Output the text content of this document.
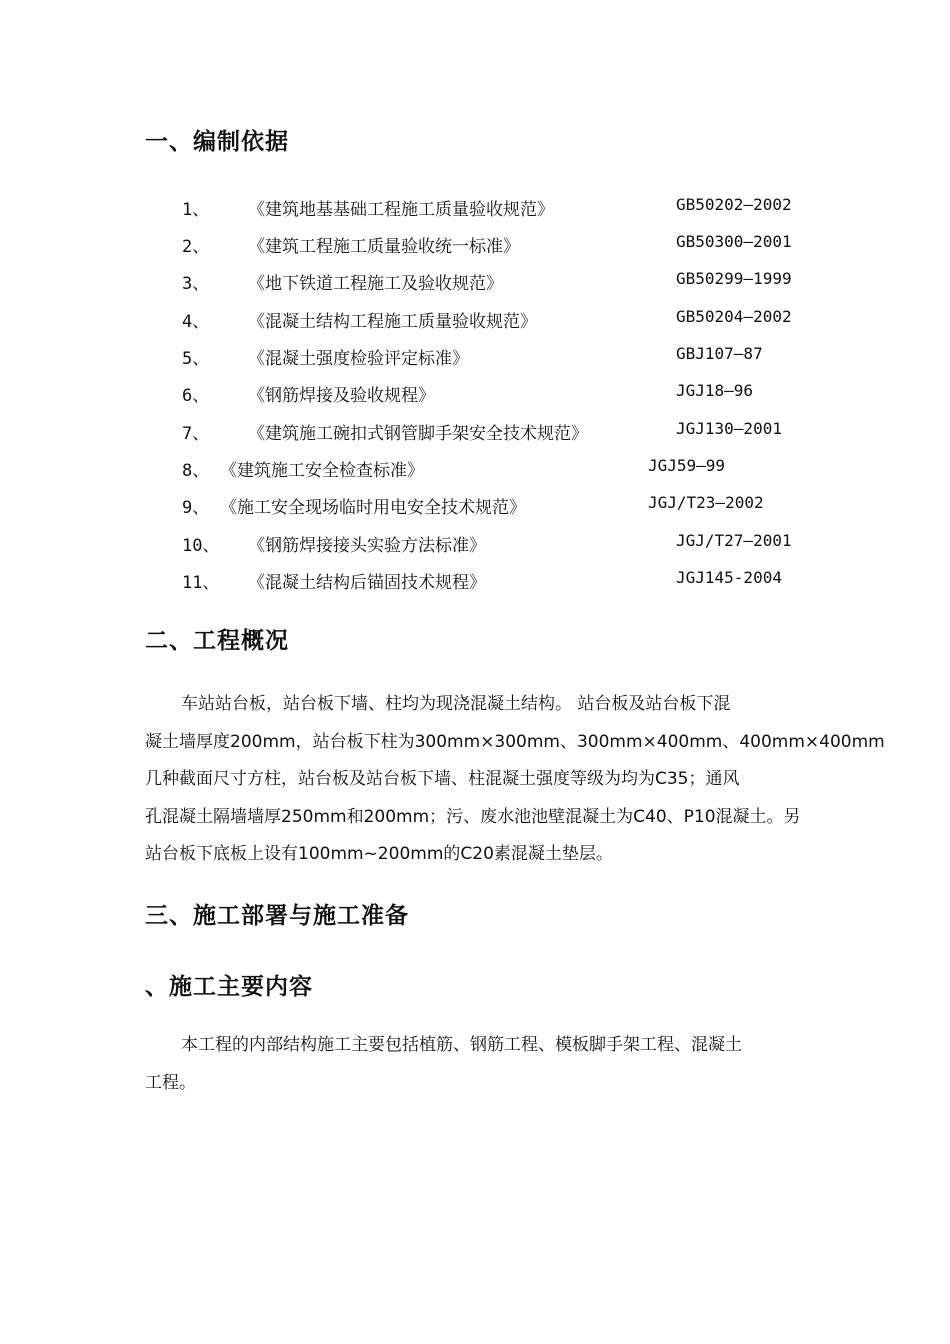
一、编制依据
1、 《建筑地基基础工程施工质量验收规范》	GB50202—2002
2、 《建筑工程施工质量验收统一标准》	GB50300—2001
3、 《地下铁道工程施工及验收规范》	GB50299—1999
4、 《混凝土结构工程施工质量验收规范》	GB50204—2002
5、 《混凝土强度检验评定标准》	GBJ107—87
6、 《钢筋焊接及验收规程》	JGJ18—96
7、 《建筑施工碗扣式钢管脚手架安全技术规范》	JGJ130—2001
8、 《建筑施工安全检查标准》	JGJ59—99
9、 《施工安全现场临时用电安全技术规范》	JGJ/T23—2002
10、 《钢筋焊接接头实验方法标准》	JGJ/T27—2001
11、 《混凝土结构后锚固技术规程》	JGJ145-2004
二、工程概况
车站站台板，站台板下墙、柱均为现浇混凝土结构。 站台板及站台板下混
凝土墙厚度200mm，站台板下柱为300mm×300mm、300mm×400mm、400mm×400mm
几种截面尺寸方柱，站台板及站台板下墙、柱混凝土强度等级为均为C35；通风
孔混凝土隔墙墙厚250mm和200mm；污、废水池池壁混凝土为C40、P10混凝土。另
站台板下底板上设有100mm~200mm的C20素混凝土垫层。
三、施工部署与施工准备
、施工主要内容
本工程的内部结构施工主要包括植筋、钢筋工程、模板脚手架工程、混凝土
工程。
